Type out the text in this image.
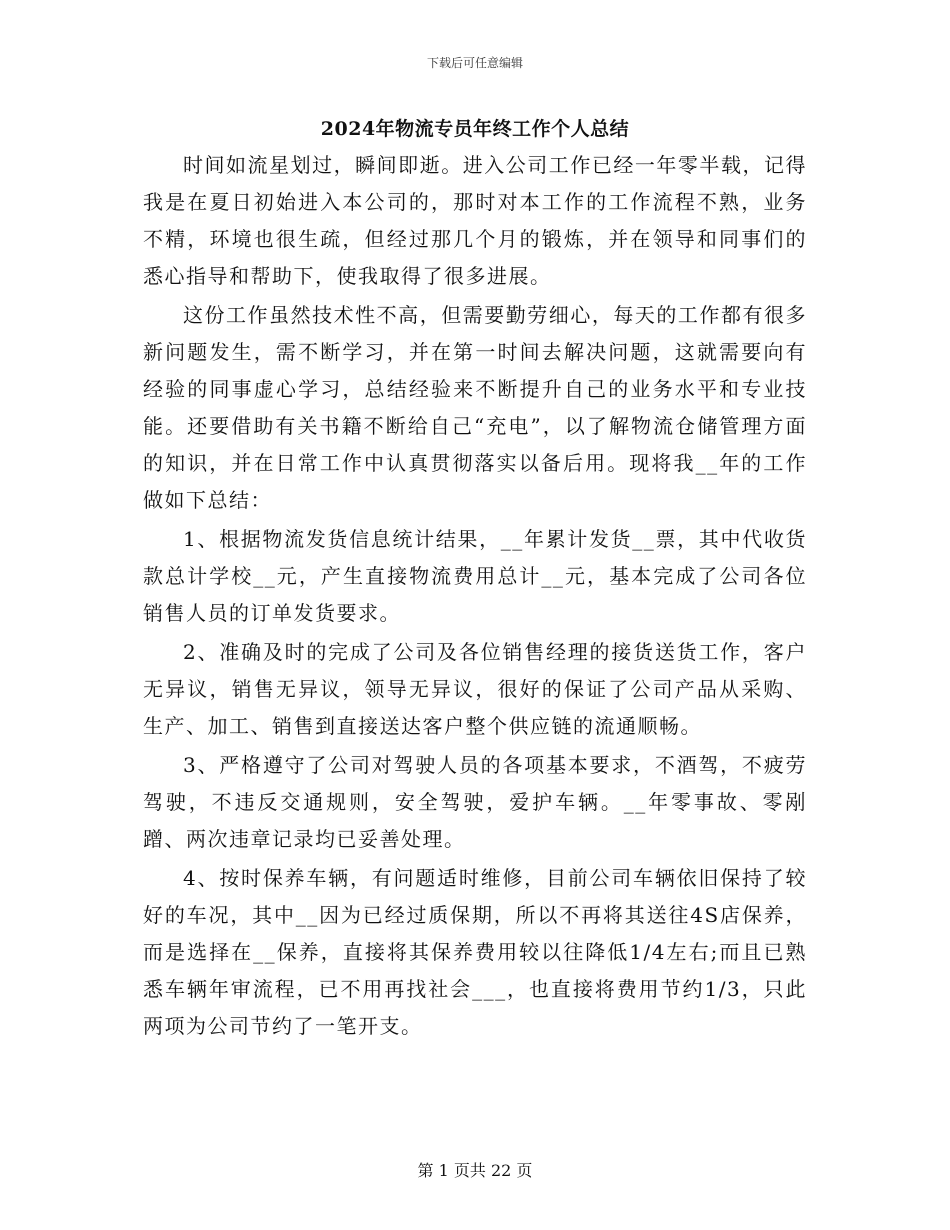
下载后可任意编辑
2024年物流专员年终工作个人总结

时间如流星划过，瞬间即逝。进入公司工作已经一年零半载，记得我是在夏日初始进入本公司的，那时对本工作的工作流程不熟，业务不精，环境也很生疏，但经过那几个月的锻炼，并在领导和同事们的悉心指导和帮助下，使我取得了很多进展。

这份工作虽然技术性不高，但需要勤劳细心，每天的工作都有很多新问题发生，需不断学习，并在第一时间去解决问题，这就需要向有经验的同事虚心学习，总结经验来不断提升自己的业务水平和专业技能。还要借助有关书籍不断给自己“充电”，以了解物流仓储管理方面的知识，并在日常工作中认真贯彻落实以备后用。现将我__年的工作做如下总结：

1、根据物流发货信息统计结果，__年累计发货__票，其中代收货款总计学校__元，产生直接物流费用总计__元，基本完成了公司各位销售人员的订单发货要求。

2、准确及时的完成了公司及各位销售经理的接货送货工作，客户无异议，销售无异议，领导无异议，很好的保证了公司产品从采购、生产、加工、销售到直接送达客户整个供应链的流通顺畅。

3、严格遵守了公司对驾驶人员的各项基本要求，不酒驾，不疲劳驾驶，不违反交通规则，安全驾驶，爱护车辆。__年零事故、零剐蹭、两次违章记录均已妥善处理。

4、按时保养车辆，有问题适时维修，目前公司车辆依旧保持了较好的车况，其中__因为已经过质保期，所以不再将其送往4S店保养，而是选择在__保养，直接将其保养费用较以往降低1/4左右;而且已熟悉车辆年审流程，已不用再找社会___，也直接将费用节约1/3，只此两项为公司节约了一笔开支。

第 1 页共 22 页
